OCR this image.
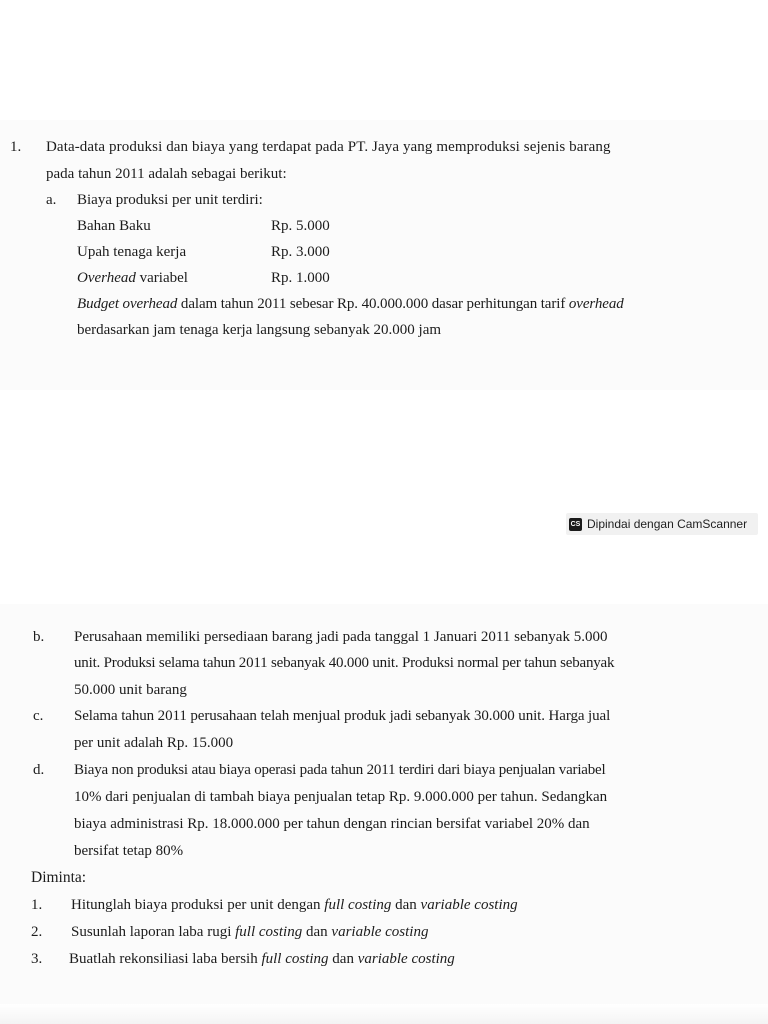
1. Data-data produksi dan biaya yang terdapat pada PT. Jaya yang memproduksi sejenis barang
pada tahun 2011 adalah sebagai berikut:
a. Biaya produksi per unit terdiri:
Bahan Baku	Rp. 5.000
Upah tenaga kerja	Rp. 3.000
Overhead variabel	Rp. 1.000
Budget overhead dalam tahun 2011 sebesar Rp. 40.000.000 dasar perhitungan tarif overhead
berdasarkan jam tenaga kerja langsung sebanyak 20.000 jam
CS Dipindai dengan CamScanner
b. Perusahaan memiliki persediaan barang jadi pada tanggal 1 Januari 2011 sebanyak 5.000
unit. Produksi selama tahun 2011 sebanyak 40.000 unit. Produksi normal per tahun sebanyak
50.000 unit barang
c. Selama tahun 2011 perusahaan telah menjual produk jadi sebanyak 30.000 unit. Harga jual
per unit adalah Rp. 15.000
d. Biaya non produksi atau biaya operasi pada tahun 2011 terdiri dari biaya penjualan variabel
10% dari penjualan di tambah biaya penjualan tetap Rp. 9.000.000 per tahun. Sedangkan
biaya administrasi Rp. 18.000.000 per tahun dengan rincian bersifat variabel 20% dan
bersifat tetap 80%
Diminta:
1. Hitunglah biaya produksi per unit dengan full costing dan variable costing
2. Susunlah laporan laba rugi full costing dan variable costing
3. Buatlah rekonsiliasi laba bersih full costing dan variable costing
